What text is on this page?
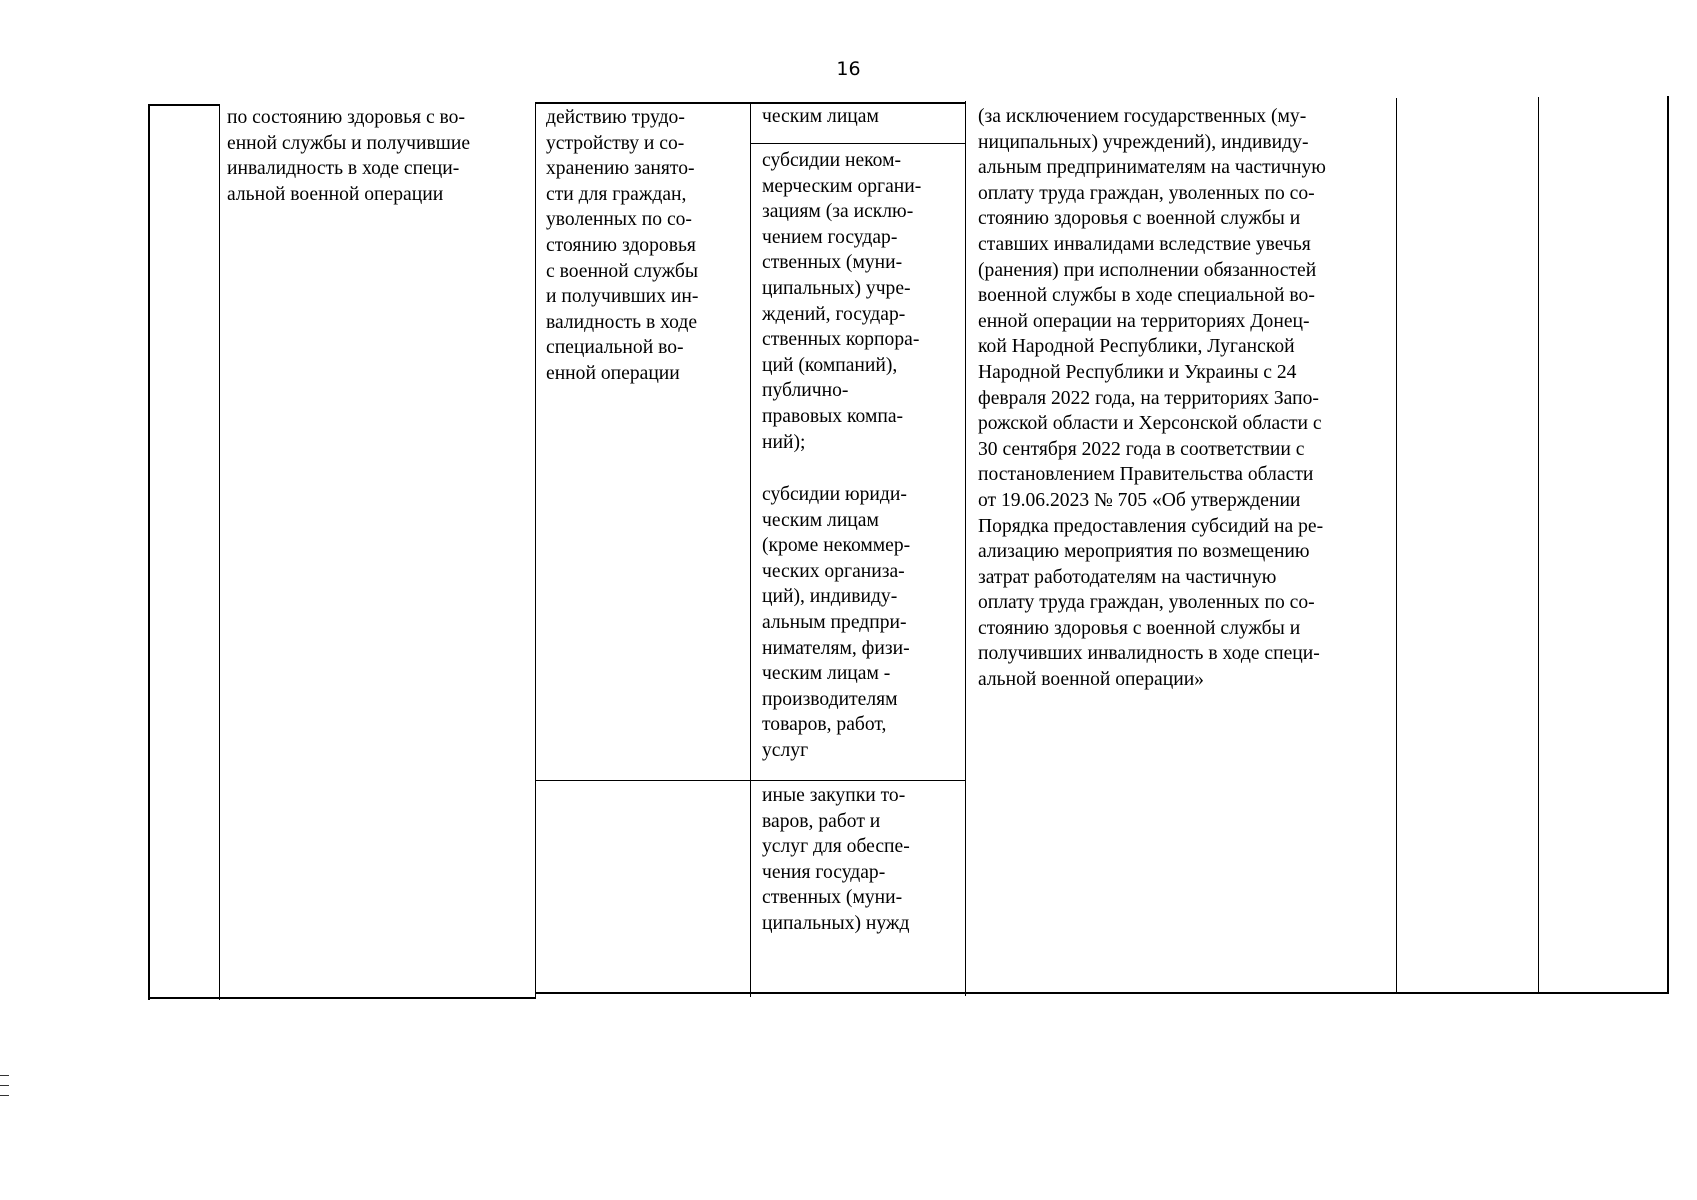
16
по состоянию здоровья с во-
енной службы и получившие
инвалидность в ходе специ-
альной военной операции
действию трудо-
устройству и со-
хранению занято-
сти для граждан,
уволенных по со-
стоянию здоровья
с военной службы
и получивших ин-
валидность в ходе
специальной во-
енной операции
ческим лицам
субсидии неком-
мерческим органи-
зациям (за исклю-
чением государ-
ственных (муни-
ципальных) учре-
ждений, государ-
ственных корпора-
ций (компаний),
публично-
правовых компа-
ний);
субсидии юриди-
ческим лицам
(кроме некоммер-
ческих организа-
ций), индивиду-
альным предпри-
нимателям, физи-
ческим лицам -
производителям
товаров, работ,
услуг
иные закупки то-
варов, работ и
услуг для обеспе-
чения государ-
ственных (муни-
ципальных) нужд
(за исключением государственных (му-
ниципальных) учреждений), индивиду-
альным предпринимателям на частичную
оплату труда граждан, уволенных по со-
стоянию здоровья с военной службы и
ставших инвалидами вследствие увечья
(ранения) при исполнении обязанностей
военной службы в ходе специальной во-
енной операции на территориях Донец-
кой Народной Республики, Луганской
Народной Республики и Украины с 24
февраля 2022 года, на территориях Запо-
рожской области и Херсонской области с
30 сентября 2022 года в соответствии с
постановлением Правительства области
от 19.06.2023 № 705 «Об утверждении
Порядка предоставления субсидий на ре-
ализацию мероприятия по возмещению
затрат работодателям на частичную
оплату труда граждан, уволенных по со-
стоянию здоровья с военной службы и
получивших инвалидность в ходе специ-
альной военной операции»
